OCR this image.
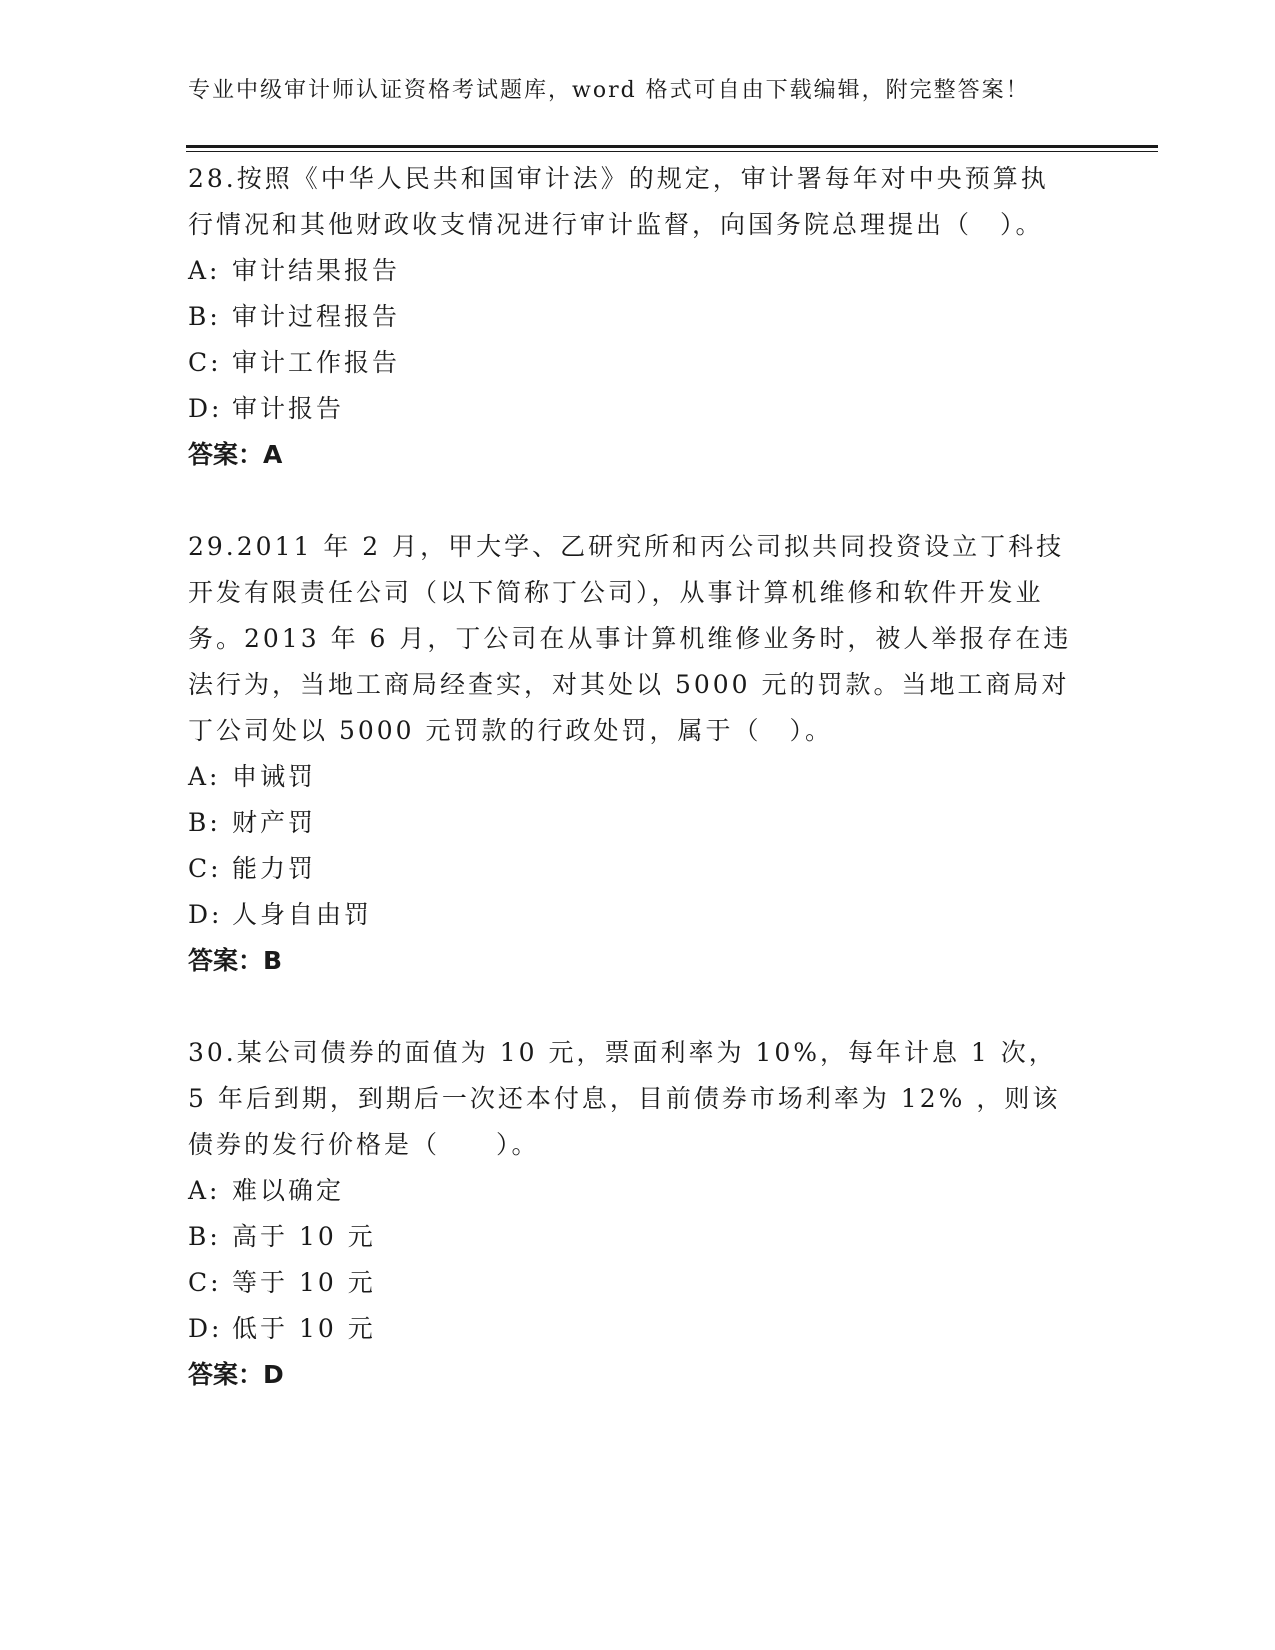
专业中级审计师认证资格考试题库，word 格式可自由下载编辑，附完整答案！

28.按照《中华人民共和国审计法》的规定，审计署每年对中央预算执行情况和其他财政收支情况进行审计监督，向国务院总理提出（　）。

A: 审计结果报告

B: 审计过程报告

C: 审计工作报告

D: 审计报告

答案：A

29.2011 年 2 月，甲大学、乙研究所和丙公司拟共同投资设立丁科技开发有限责任公司（以下简称丁公司），从事计算机维修和软件开发业务。2013 年 6 月，丁公司在从事计算机维修业务时，被人举报存在违法行为，当地工商局经查实，对其处以 5000 元的罚款。当地工商局对丁公司处以 5000 元罚款的行政处罚，属于（　）。

A: 申诫罚

B: 财产罚

C: 能力罚

D: 人身自由罚

答案：B

30.某公司债券的面值为 10 元，票面利率为 10%，每年计息 1 次，5 年后到期，到期后一次还本付息，目前债券市场利率为 12% ，则该债券的发行价格是（　　）。

A: 难以确定

B: 高于 10 元

C: 等于 10 元

D: 低于 10 元

答案：D
